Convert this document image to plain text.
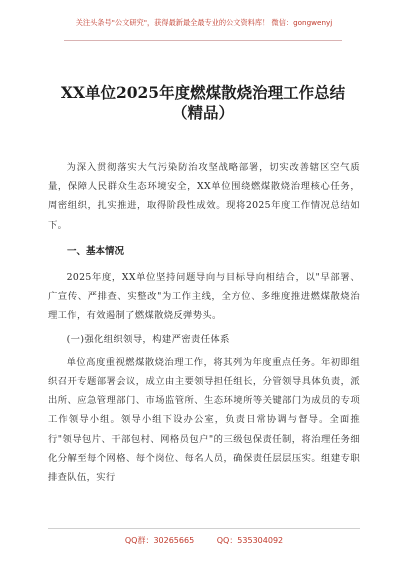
关注头条号"公文研究"，获得最新最全最专业的公文资料库！ 微信：gongwenyj
XX单位2025年度燃煤散烧治理工作总结（精品）

为深入贯彻落实大气污染防治攻坚战略部署，切实改善辖区空气质量，保障人民群众生态环境安全，XX单位围绕燃煤散烧治理核心任务，周密组织，扎实推进，取得阶段性成效。现将2025年度工作情况总结如下。

一、基本情况

2025年度，XX单位坚持问题导向与目标导向相结合，以"早部署、广宣传、严排查、实整改"为工作主线，全方位、多维度推进燃煤散烧治理工作，有效遏制了燃煤散烧反弹势头。

(一)强化组织领导，构建严密责任体系

单位高度重视燃煤散烧治理工作，将其列为年度重点任务。年初即组织召开专题部署会议，成立由主要领导担任组长，分管领导具体负责，派出所、应急管理部门、市场监管所、生态环境所等关键部门为成员的专项工作领导小组。领导小组下设办公室，负责日常协调与督导。全面推行"领导包片、干部包村、网格员包户"的三级包保责任制，将治理任务细化分解至每个网格、每个岗位、每名人员，确保责任层层压实。组建专职排查队伍，实行

QQ群：30265665	QQ：535304092
